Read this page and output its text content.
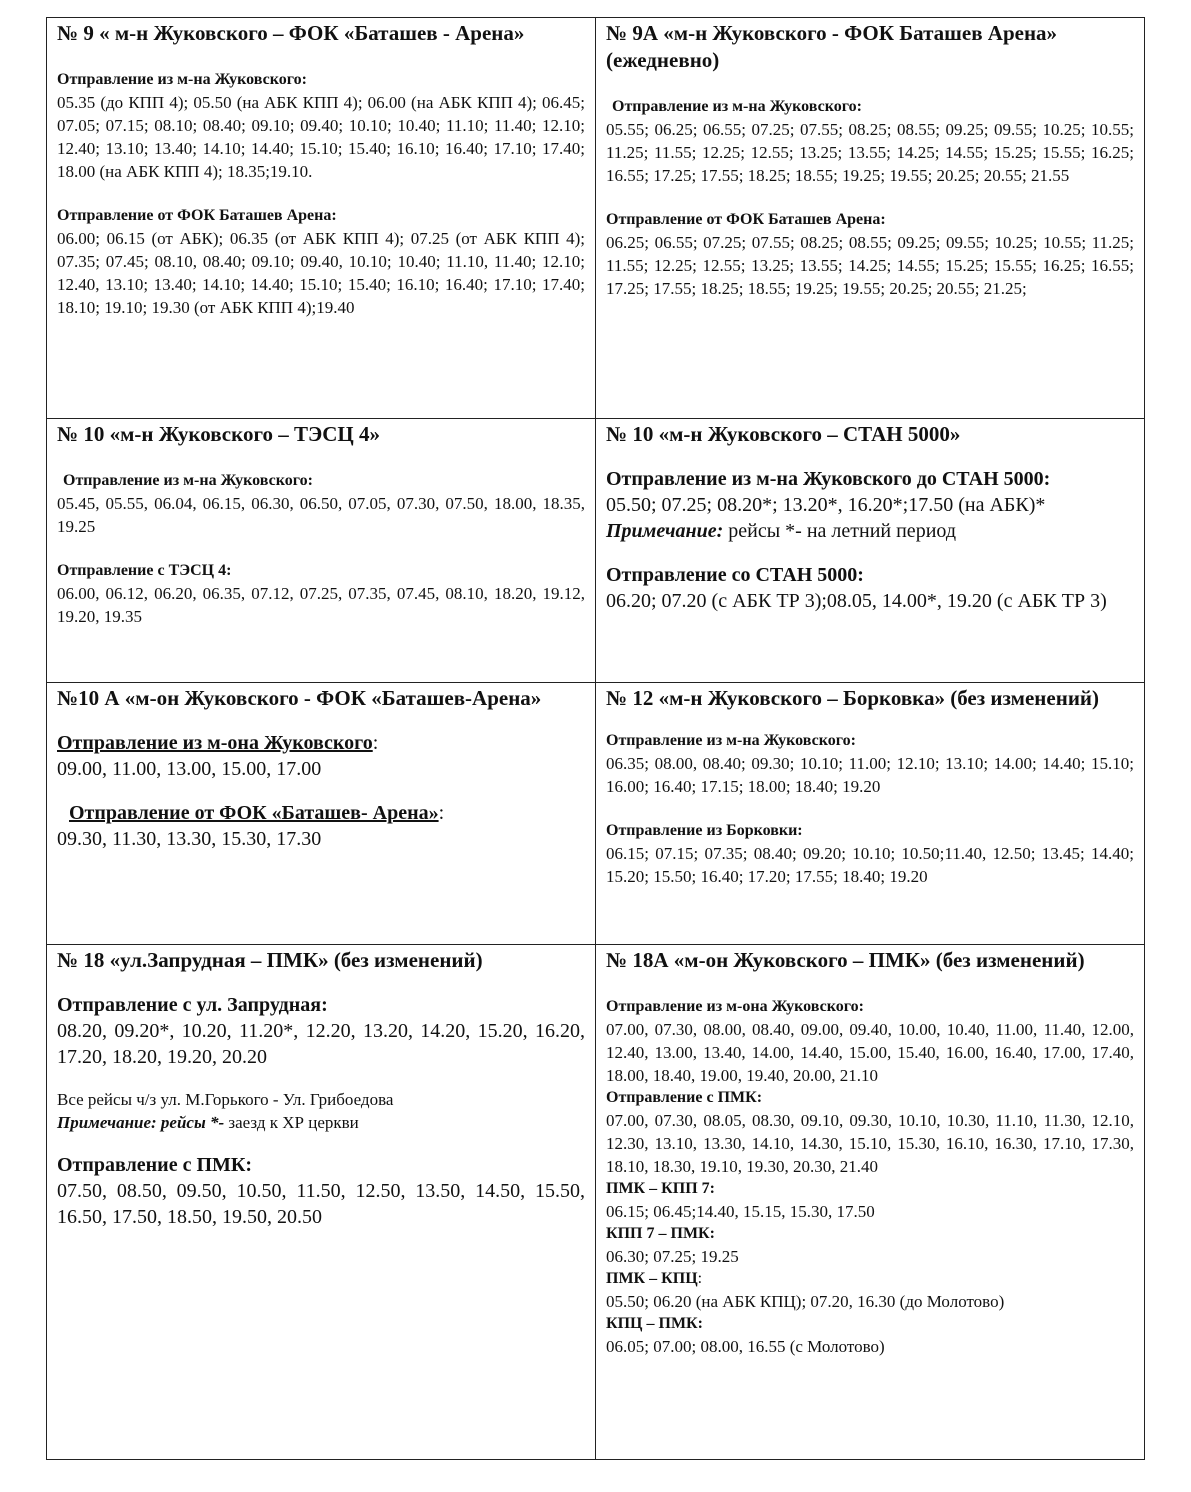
№ 9 « м-н Жуковского – ФОК «Баташев - Арена»

Отправление из м-на Жуковского:
05.35 (до КПП 4); 05.50 (на АБК КПП 4); 06.00 (на АБК КПП 4); 06.45; 07.05; 07.15; 08.10; 08.40; 09.10; 09.40; 10.10; 10.40; 11.10; 11.40; 12.10; 12.40; 13.10; 13.40; 14.10; 14.40; 15.10; 15.40; 16.10; 16.40; 17.10; 17.40; 18.00 (на АБК КПП 4); 18.35;19.10.
Отправление от ФОК Баташев Арена:
06.00; 06.15 (от АБК); 06.35 (от АБК КПП 4); 07.25 (от АБК КПП 4); 07.35; 07.45; 08.10, 08.40; 09.10; 09.40, 10.10; 10.40; 11.10, 11.40; 12.10; 12.40, 13.10; 13.40; 14.10; 14.40; 15.10; 15.40; 16.10; 16.40; 17.10; 17.40; 18.10; 19.10; 19.30 (от АБК КПП 4);19.40

№ 9А «м-н Жуковского - ФОК Баташев Арена» (ежедневно)

Отправление из м-на Жуковского:
05.55; 06.25; 06.55; 07.25; 07.55; 08.25; 08.55; 09.25; 09.55; 10.25; 10.55; 11.25; 11.55; 12.25; 12.55; 13.25; 13.55; 14.25; 14.55; 15.25; 15.55; 16.25; 16.55; 17.25; 17.55; 18.25; 18.55; 19.25; 19.55; 20.25; 20.55; 21.55
Отправление от ФОК Баташев Арена:
06.25; 06.55; 07.25; 07.55; 08.25; 08.55; 09.25; 09.55; 10.25; 10.55; 11.25; 11.55; 12.25; 12.55; 13.25; 13.55; 14.25; 14.55; 15.25; 15.55; 16.25; 16.55; 17.25; 17.55; 18.25; 18.55; 19.25; 19.55; 20.25; 20.55; 21.25;

№ 10 «м-н Жуковского – ТЭСЦ 4»

Отправление из м-на Жуковского:
05.45, 05.55, 06.04, 06.15, 06.30, 06.50, 07.05, 07.30, 07.50, 18.00, 18.35, 19.25
Отправление с ТЭСЦ 4:
06.00, 06.12, 06.20, 06.35, 07.12, 07.25, 07.35, 07.45, 08.10, 18.20, 19.12, 19.20, 19.35

№ 10 «м-н Жуковского – СТАН 5000»

Отправление из м-на Жуковского до СТАН 5000:
05.50; 07.25; 08.20*; 13.20*, 16.20*;17.50 (на АБК)*
Примечание: рейсы *- на летний период
Отправление со СТАН 5000:
06.20; 07.20 (с АБК ТР 3);08.05, 14.00*, 19.20 (с АБК ТР 3)

№10 А «м-он Жуковского - ФОК «Баташев-Арена»

Отправление из м-она Жуковского:
09.00, 11.00, 13.00, 15.00, 17.00
Отправление от ФОК «Баташев- Арена»:
09.30, 11.30, 13.30, 15.30, 17.30

№ 12 «м-н Жуковского – Борковка» (без изменений)

Отправление из м-на Жуковского:
06.35; 08.00, 08.40; 09.30; 10.10; 11.00; 12.10; 13.10; 14.00; 14.40; 15.10; 16.00; 16.40; 17.15; 18.00; 18.40; 19.20
Отправление из Борковки:
06.15; 07.15; 07.35; 08.40; 09.20; 10.10; 10.50;11.40, 12.50; 13.45; 14.40; 15.20; 15.50; 16.40; 17.20; 17.55; 18.40; 19.20

№ 18 «ул.Запрудная – ПМК» (без изменений)

Отправление с ул. Запрудная:
08.20, 09.20*, 10.20, 11.20*, 12.20, 13.20, 14.20, 15.20, 16.20, 17.20, 18.20, 19.20, 20.20
Все рейсы ч/з ул. М.Горького - Ул. Грибоедова
Примечание: рейсы *- заезд к ХР церкви
Отправление с ПМК:
07.50, 08.50, 09.50, 10.50, 11.50, 12.50, 13.50, 14.50, 15.50, 16.50, 17.50, 18.50, 19.50, 20.50

№ 18А «м-он Жуковского – ПМК» (без изменений)

Отправление из м-она Жуковского:
07.00, 07.30, 08.00, 08.40, 09.00, 09.40, 10.00, 10.40, 11.00, 11.40, 12.00, 12.40, 13.00, 13.40, 14.00, 14.40, 15.00, 15.40, 16.00, 16.40, 17.00, 17.40, 18.00, 18.40, 19.00, 19.40, 20.00, 21.10
Отправление с ПМК:
07.00, 07.30, 08.05, 08.30, 09.10, 09.30, 10.10, 10.30, 11.10, 11.30, 12.10, 12.30, 13.10, 13.30, 14.10, 14.30, 15.10, 15.30, 16.10, 16.30, 17.10, 17.30, 18.10, 18.30, 19.10, 19.30, 20.30, 21.40
ПМК – КПП 7:
06.15; 06.45;14.40, 15.15, 15.30, 17.50
КПП 7 – ПМК:
06.30; 07.25; 19.25
ПМК – КПЦ:
05.50; 06.20 (на АБК КПЦ); 07.20, 16.30 (до Молотово)
КПЦ – ПМК:
06.05; 07.00; 08.00, 16.55 (с Молотово)
